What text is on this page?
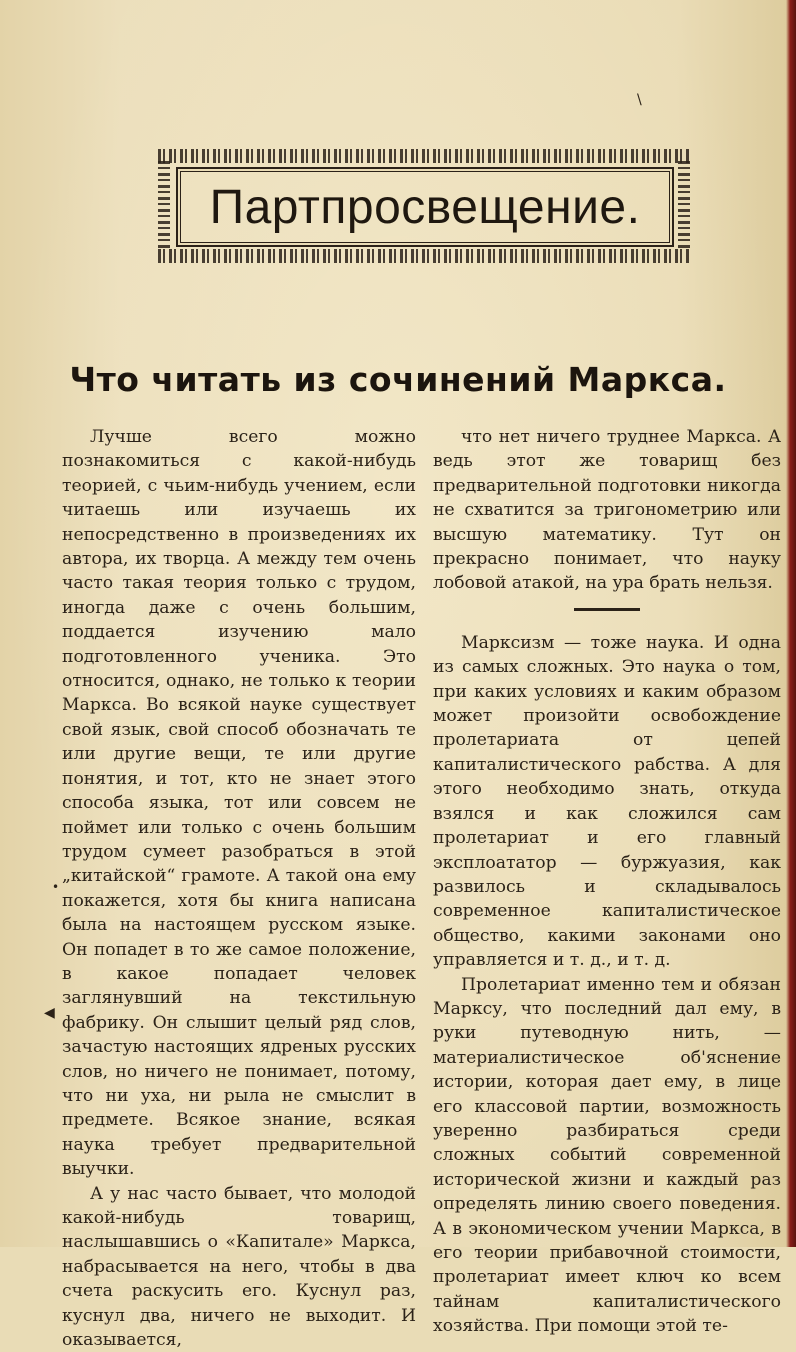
Партпросвещение.
\
Что читать из сочинений Маркса.

Лучше всего можно познакомиться с какой-нибудь теорией, с чьим-нибудь учением, если читаешь или изучаешь их непосредственно в произведениях их автора, их творца. А между тем очень часто такая теория только с трудом, иногда даже с очень большим, поддается изучению мало подготовленного ученика. Это относится, однако, не только к теории Маркса. Во всякой науке существует свой язык, свой способ обозначать те или другие вещи, те или другие понятия, и тот, кто не знает этого способа языка, тот или совсем не поймет или только с очень большим трудом сумеет разобраться в этой „китайской“ грамоте. А такой она ему покажется, хотя бы книга написана была на настоящем русском языке. Он попадет в то же самое положение, в какое попадает человек заглянувший на текстильную фабрику. Он слышит целый ряд слов, зачастую настоящих ядреных русских слов, но ничего не понимает, потому, что ни уха, ни рыла не смыслит в предмете. Всякое знание, всякая наука требует предварительной выучки.

А у нас часто бывает, что молодой какой-нибудь товарищ, наслышавшись о «Капитале» Маркса, набрасывается на него, чтобы в два счета раскусить его. Куснул раз, куснул два, ничего не выходит. И оказывается,

что нет ничего труднее Маркса. А ведь этот же товарищ без предварительной подготовки никогда не схватится за тригонометрию или высшую математику. Тут он прекрасно понимает, что науку лобовой атакой, на ура брать нельзя.

Марксизм — тоже наука. И одна из самых сложных. Это наука о том, при каких условиях и каким образом может произойти освобождение пролетариата от цепей капиталистического рабства. А для этого необходимо знать, откуда взялся и как сложился сам пролетариат и его главный эксплоататор — буржуазия, как развилось и складывалось современное капиталистическое общество, какими законами оно управляется и т. д., и т. д.

Пролетариат именно тем и обязан Марксу, что последний дал ему, в руки путеводную нить, — материалистическое об'яснение истории, которая дает ему, в лице его классовой партии, возможность уверенно разбираться среди сложных событий современной исторической жизни и каждый раз определять линию своего поведения. А в экономическом учении Маркса, в его теории прибавочной стоимости, пролетариат имеет ключ ко всем тайнам капиталистического хозяйства. При помощи этой те-

◀
•
